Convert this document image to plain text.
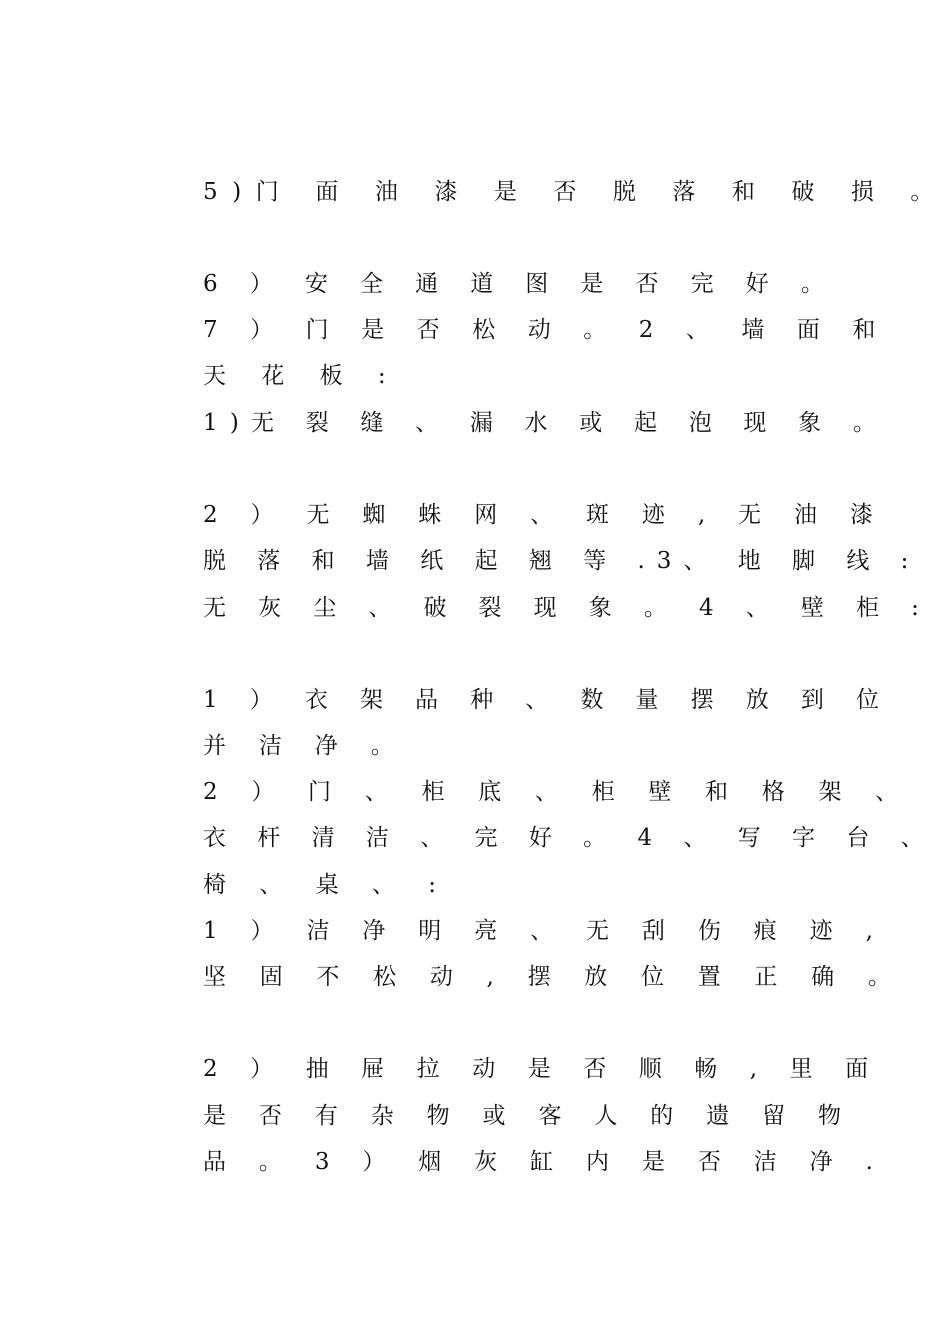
5)门 面 油 漆 是 否 脱 落 和 破 损 。
6 ） 安 全 通 道 图 是 否 完 好 。
7 ） 门 是 否 松 动 。 2 、 墙 面 和
天 花 板 :
1)无 裂 缝 、 漏 水 或 起 泡 现 象 。
2 ） 无 蜘 蛛 网 、 斑 迹 , 无 油 漆
脱 落 和 墙 纸 起 翘 等 .3、 地 脚 线 :
无 灰 尘 、 破 裂 现 象 。 4 、 壁 柜 :
1 ） 衣 架 品 种 、 数 量 摆 放 到 位
并 洁 净 。
2 ） 门 、 柜 底 、 柜 壁 和 格 架 、
衣 杆 清 洁 、 完 好 。 4 、 写 字 台 、
椅 、 桌 、 :
1 ） 洁 净 明 亮 、 无 刮 伤 痕 迹 ,
坚 固 不 松 动 , 摆 放 位 置 正 确 。
2 ） 抽 屉 拉 动 是 否 顺 畅 , 里 面
是 否 有 杂 物 或 客 人 的 遗 留 物
品 。 3 ） 烟 灰 缸 内 是 否 洁 净 .
